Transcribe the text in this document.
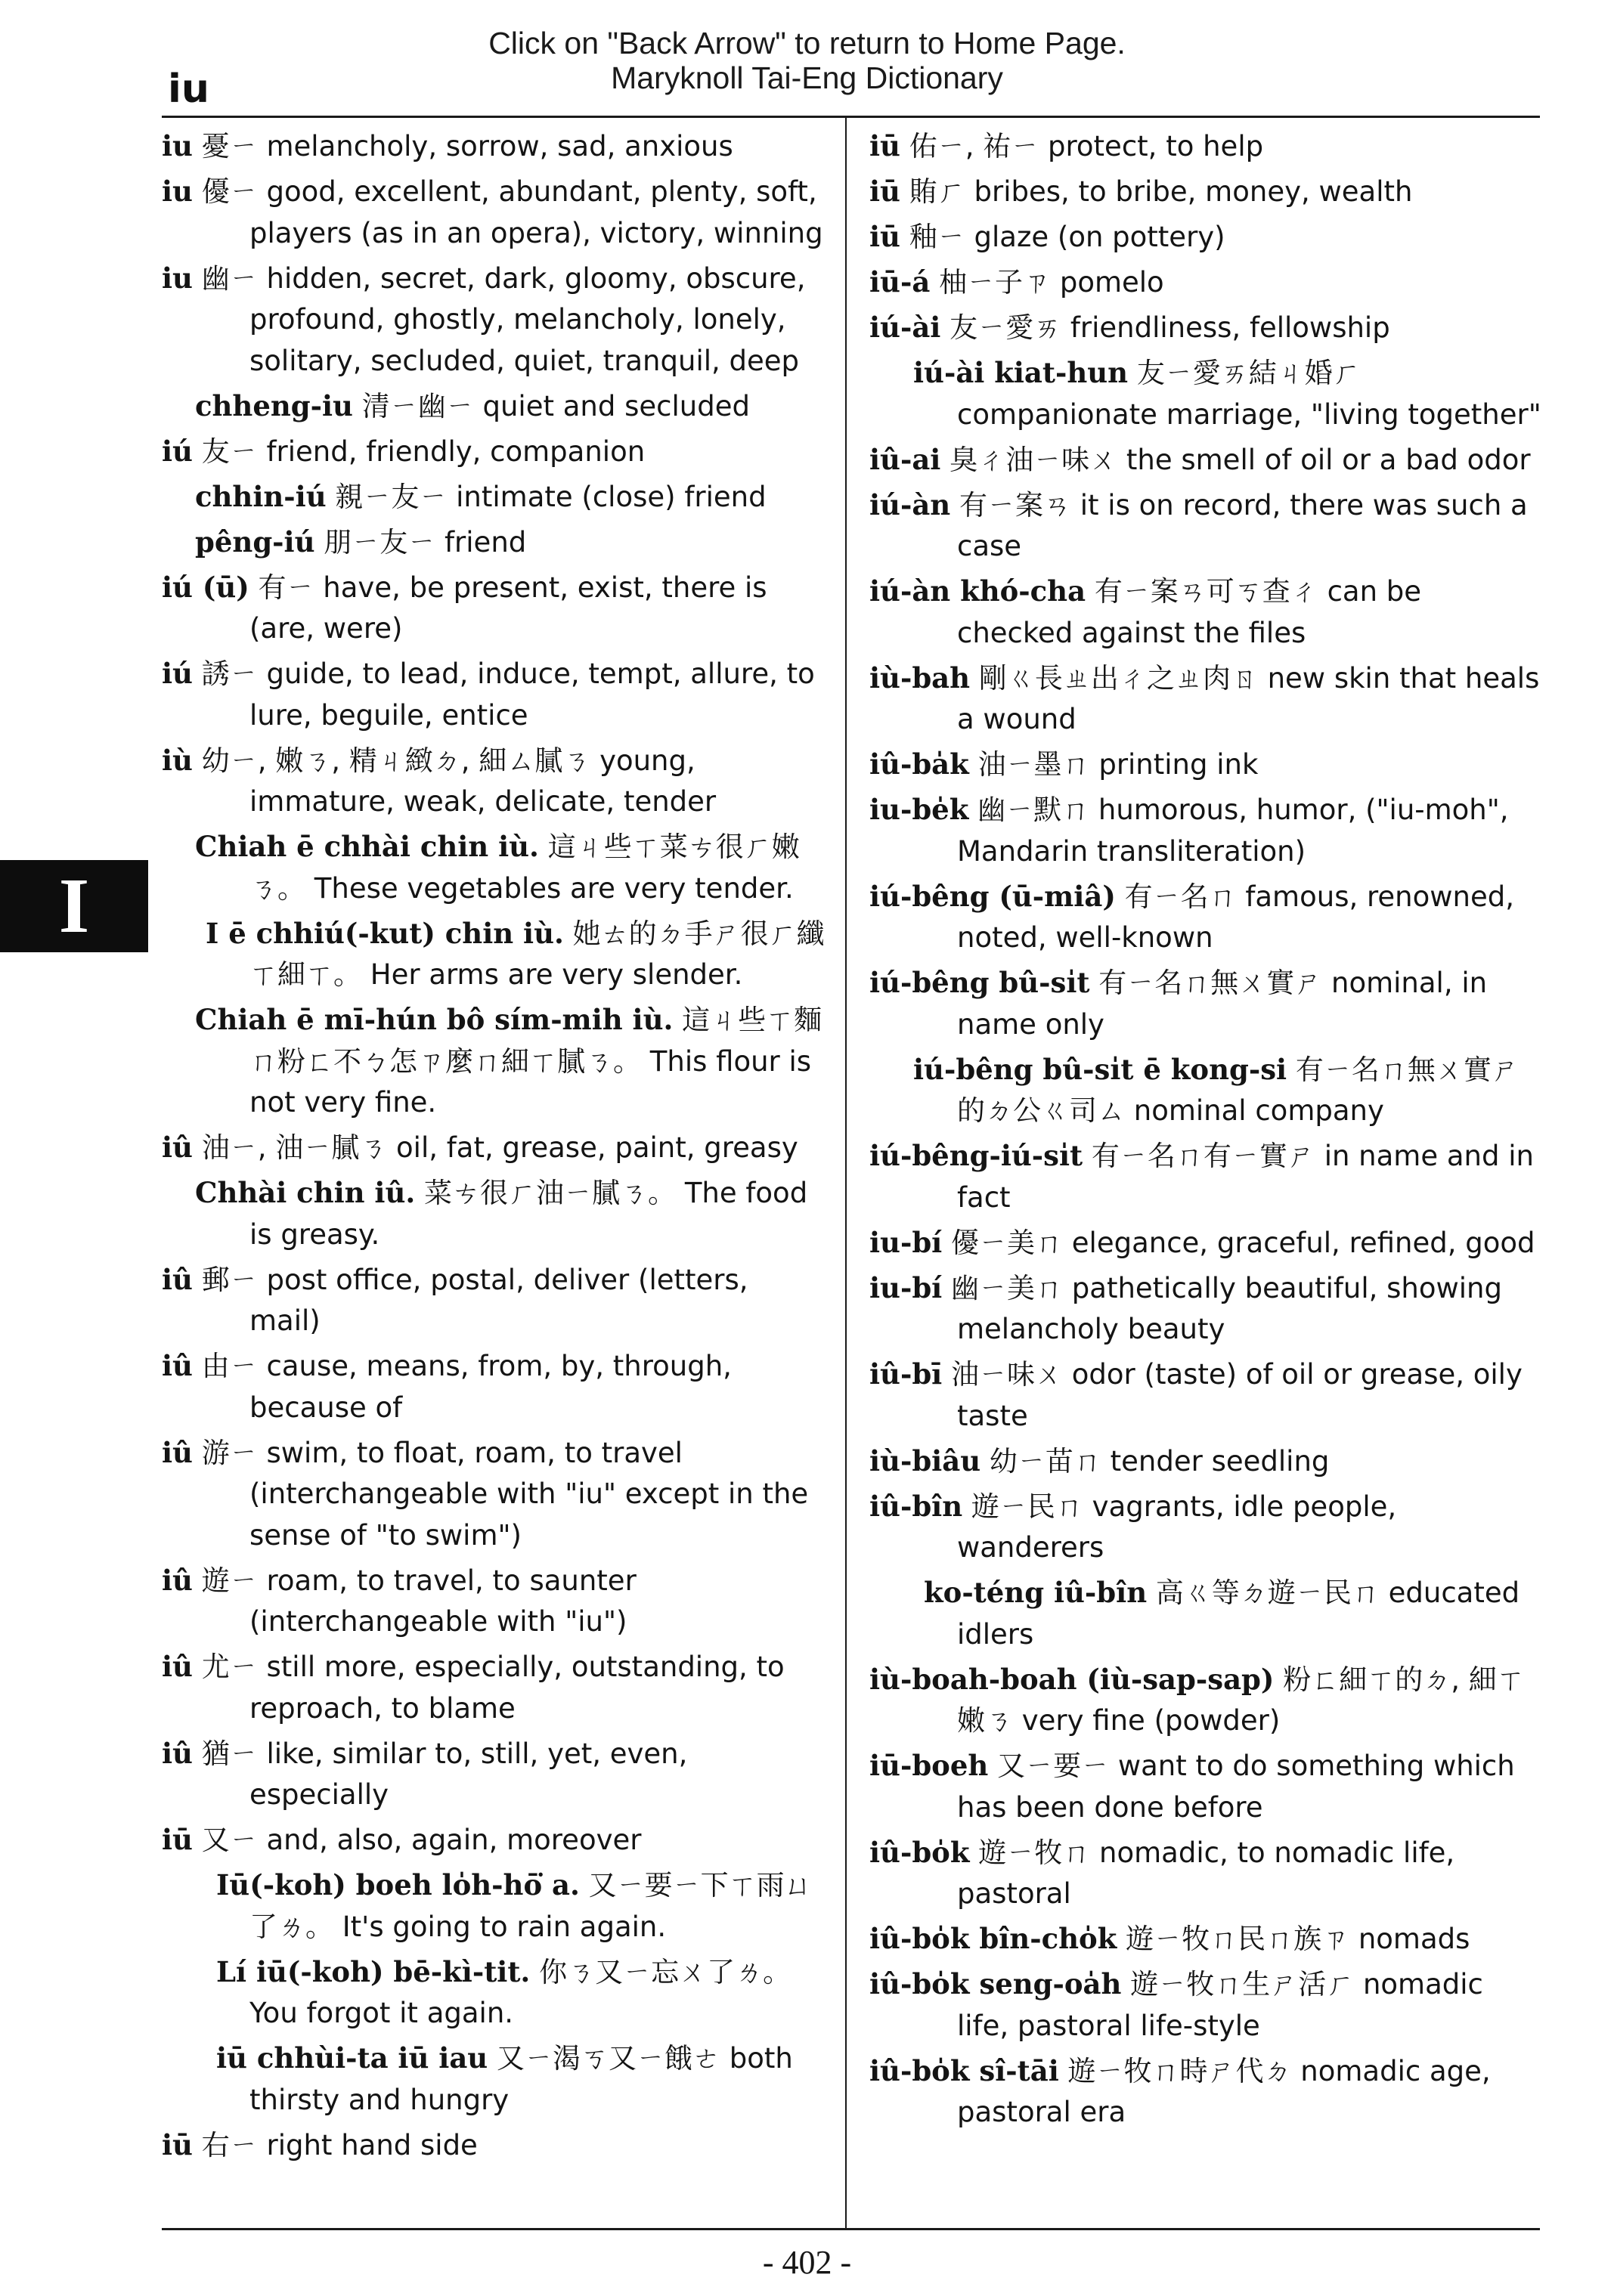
Click on "Back Arrow" to return to Home Page.
Maryknoll Tai-Eng Dictionary
iu
I
iu 憂ㄧ melancholy, sorrow, sad, anxious
iu 優ㄧ good, excellent, abundant, plenty, soft, players (as in an opera), victory, winning
iu 幽ㄧ hidden, secret, dark, gloomy, obscure, profound, ghostly, melancholy, lonely, solitary, secluded, quiet, tranquil, deep
chheng-iu 清ㄧ幽ㄧ quiet and secluded
iú 友ㄧ friend, friendly, companion
chhin-iú 親ㄧ友ㄧ intimate (close) friend
pêng-iú 朋ㄧ友ㄧ friend
iú (ū) 有ㄧ have, be present, exist, there is (are, were)
iú 誘ㄧ guide, to lead, induce, tempt, allure, to lure, beguile, entice
iù 幼ㄧ, 嫩ㄋ, 精ㄐ緻ㄉ, 細ㄙ膩ㄋ young, immature, weak, delicate, tender
Chiah ē chhài chin iù. 這ㄐ些ㄒ菜ㄘ很ㄏ嫩ㄋ。 These vegetables are very tender.
I ē chhiú(-kut) chin iù. 她ㄊ的ㄉ手ㄕ很ㄏ纖ㄒ細ㄒ。 Her arms are very slender.
Chiah ē mī-hún bô sím-mih iù. 這ㄐ些ㄒ麵ㄇ粉ㄈ不ㄅ怎ㄗ麼ㄇ細ㄒ膩ㄋ。 This flour is not very fine.
iû 油ㄧ, 油ㄧ膩ㄋ oil, fat, grease, paint, greasy
Chhài chin iû. 菜ㄘ很ㄏ油ㄧ膩ㄋ。 The food is greasy.
iû 郵ㄧ post office, postal, deliver (letters, mail)
iû 由ㄧ cause, means, from, by, through, because of
iû 游ㄧ swim, to float, roam, to travel (interchangeable with "iu" except in the sense of "to swim")
iû 遊ㄧ roam, to travel, to saunter (interchangeable with "iu")
iû 尤ㄧ still more, especially, outstanding, to reproach, to blame
iû 猶ㄧ like, similar to, still, yet, even, especially
iū 又ㄧ and, also, again, moreover
Iū(-koh) boeh lo̍h-hō͘ a. 又ㄧ要ㄧ下ㄒ雨ㄩ了ㄌ。 It's going to rain again.
Lí iū(-koh) bē-kì-tit. 你ㄋ又ㄧ忘ㄨ了ㄌ。 You forgot it again.
iū chhùi-ta iū iau 又ㄧ渴ㄎ又ㄧ餓ㄜ both thirsty and hungry
iū 右ㄧ right hand side
iū 佑ㄧ, 祐ㄧ protect, to help
iū 賄ㄏ bribes, to bribe, money, wealth
iū 釉ㄧ glaze (on pottery)
iū-á 柚ㄧ子ㄗ pomelo
iú-ài 友ㄧ愛ㄞ friendliness, fellowship
iú-ài kiat-hun 友ㄧ愛ㄞ結ㄐ婚ㄏ companionate marriage, "living together"
iû-ai 臭ㄔ油ㄧ味ㄨ the smell of oil or a bad odor
iú-àn 有ㄧ案ㄢ it is on record, there was such a case
iú-àn khó-cha 有ㄧ案ㄢ可ㄎ查ㄔ can be checked against the files
iù-bah 剛ㄍ長ㄓ出ㄔ之ㄓ肉ㄖ new skin that heals a wound
iû-ba̍k 油ㄧ墨ㄇ printing ink
iu-be̍k 幽ㄧ默ㄇ humorous, humor, ("iu-moh", Mandarin transliteration)
iú-bêng (ū-miâ) 有ㄧ名ㄇ famous, renowned, noted, well-known
iú-bêng bû-si̍t 有ㄧ名ㄇ無ㄨ實ㄕ nominal, in name only
iú-bêng bû-si̍t ē kong-si 有ㄧ名ㄇ無ㄨ實ㄕ的ㄉ公ㄍ司ㄙ nominal company
iú-bêng-iú-si̍t 有ㄧ名ㄇ有ㄧ實ㄕ in name and in fact
iu-bí 優ㄧ美ㄇ elegance, graceful, refined, good
iu-bí 幽ㄧ美ㄇ pathetically beautiful, showing melancholy beauty
iû-bī 油ㄧ味ㄨ odor (taste) of oil or grease, oily taste
iù-biâu 幼ㄧ苗ㄇ tender seedling
iû-bîn 遊ㄧ民ㄇ vagrants, idle people, wanderers
ko-téng iû-bîn 高ㄍ等ㄉ遊ㄧ民ㄇ educated idlers
iù-boah-boah (iù-sap-sap) 粉ㄈ細ㄒ的ㄉ, 細ㄒ嫩ㄋ very fine (powder)
iū-boeh 又ㄧ要ㄧ want to do something which has been done before
iû-bo̍k 遊ㄧ牧ㄇ nomadic, to nomadic life, pastoral
iû-bo̍k bîn-cho̍k 遊ㄧ牧ㄇ民ㄇ族ㄗ nomads
iû-bo̍k seng-oa̍h 遊ㄧ牧ㄇ生ㄕ活ㄏ nomadic life, pastoral life-style
iû-bo̍k sî-tāi 遊ㄧ牧ㄇ時ㄕ代ㄉ nomadic age, pastoral era
- 402 -
